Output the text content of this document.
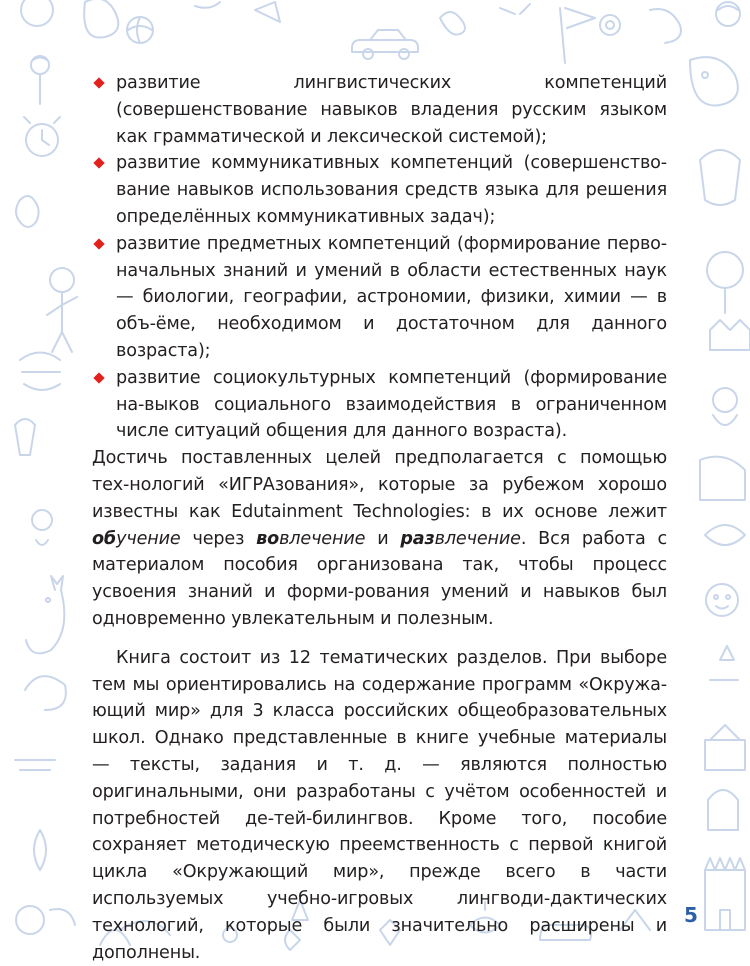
развитие лингвистических компетенций (совершенствование навыков владения русским языком как грамматической и лексической системой);
развитие коммуникативных компетенций (совершенство-вание навыков использования средств языка для решения определённых коммуникативных задач);
развитие предметных компетенций (формирование перво-начальных знаний и умений в области естественных наук — биологии, географии, астрономии, физики, химии — в объ-ёме, необходимом и достаточном для данного возраста);
развитие социокультурных компетенций (формирование на-выков социального взаимодействия в ограниченном числе ситуаций общения для данного возраста).

Достичь поставленных целей предполагается с помощью тех-нологий «ИГРАзования», которые за рубежом хорошо известны как Edutainment Technologies: в их основе лежит обучение через вовлечение и развлечение. Вся работа с материалом пособия организована так, чтобы процесс усвоения знаний и форми-рования умений и навыков был одновременно увлекательным и полезным.

Книга состоит из 12 тематических разделов. При выборе тем мы ориентировались на содержание программ «Окружа-ющий мир» для 3 класса российских общеобразовательных школ. Однако представленные в книге учебные материалы — тексты, задания и т. д. — являются полностью оригинальными, они разработаны с учётом особенностей и потребностей де-тей-билингвов. Кроме того, пособие сохраняет методическую преемственность с первой книгой цикла «Окружающий мир», прежде всего в части используемых учебно-игровых лингводи-дактических технологий, которые были значительно расширены и дополнены.

5
